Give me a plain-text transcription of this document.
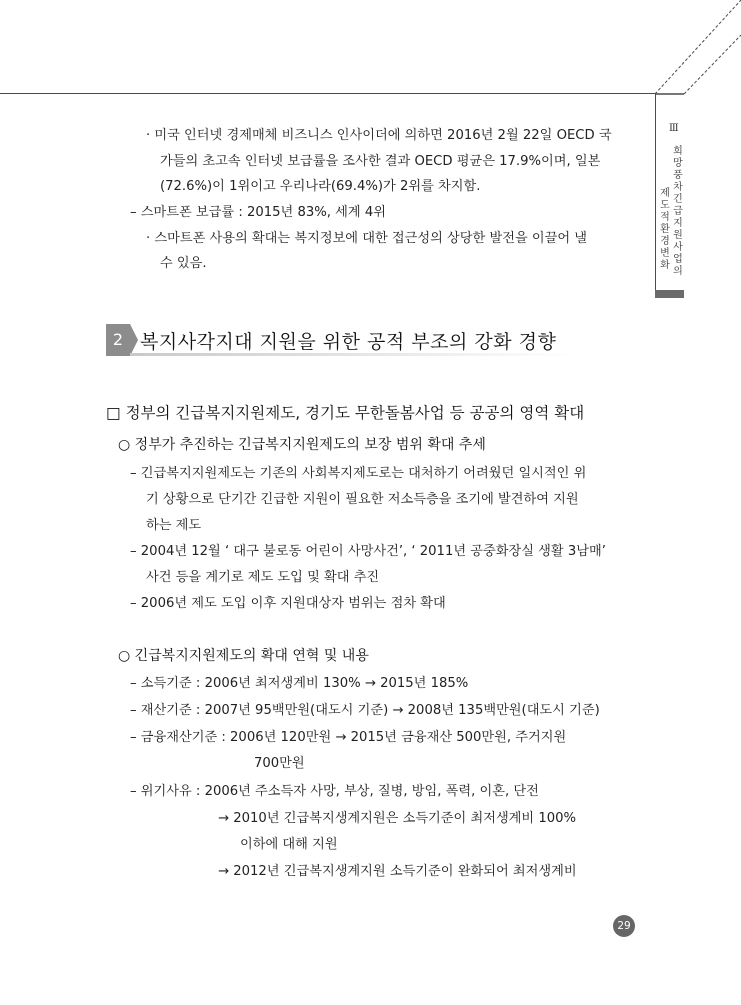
Ⅲ
희망풍차 긴급지원사업의
제도적 환경 변화
· 미국 인터넷 경제매체 비즈니스 인사이더에 의하면 2016년 2월 22일 OECD 국
가들의 초고속 인터넷 보급률을 조사한 결과 OECD 평균은 17.9%이며, 일본
(72.6%)이 1위이고 우리나라(69.4%)가 2위를 차지함.
– 스마트폰 보급률 : 2015년 83%, 세계 4위
· 스마트폰 사용의 확대는 복지정보에 대한 접근성의 상당한 발전을 이끌어 낼
수 있음.
2 복지사각지대 지원을 위한 공적 부조의 강화 경향
□ 정부의 긴급복지지원제도, 경기도 무한돌봄사업 등 공공의 영역 확대
○ 정부가 추진하는 긴급복지지원제도의 보장 범위 확대 추세
– 긴급복지지원제도는 기존의 사회복지제도로는 대처하기 어려웠던 일시적인 위
기 상황으로 단기간 긴급한 지원이 필요한 저소득층을 조기에 발견하여 지원
하는 제도
– 2004년 12월 ‘ 대구 불로동 어린이 사망사건’, ‘ 2011년 공중화장실 생활 3남매’
사건 등을 계기로 제도 도입 및 확대 추진
– 2006년 제도 도입 이후 지원대상자 범위는 점차 확대
○ 긴급복지지원제도의 확대 연혁 및 내용
– 소득기준 : 2006년 최저생계비 130% → 2015년 185%
– 재산기준 : 2007년 95백만원(대도시 기준) → 2008년 135백만원(대도시 기준)
– 금융재산기준 : 2006년 120만원 → 2015년 금융재산 500만원, 주거지원
700만원
– 위기사유 : 2006년 주소득자 사망, 부상, 질병, 방임, 폭력, 이혼, 단전
→ 2010년 긴급복지생계지원은 소득기준이 최저생계비 100%
이하에 대해 지원
→ 2012년 긴급복지생계지원 소득기준이 완화되어 최저생계비
29
